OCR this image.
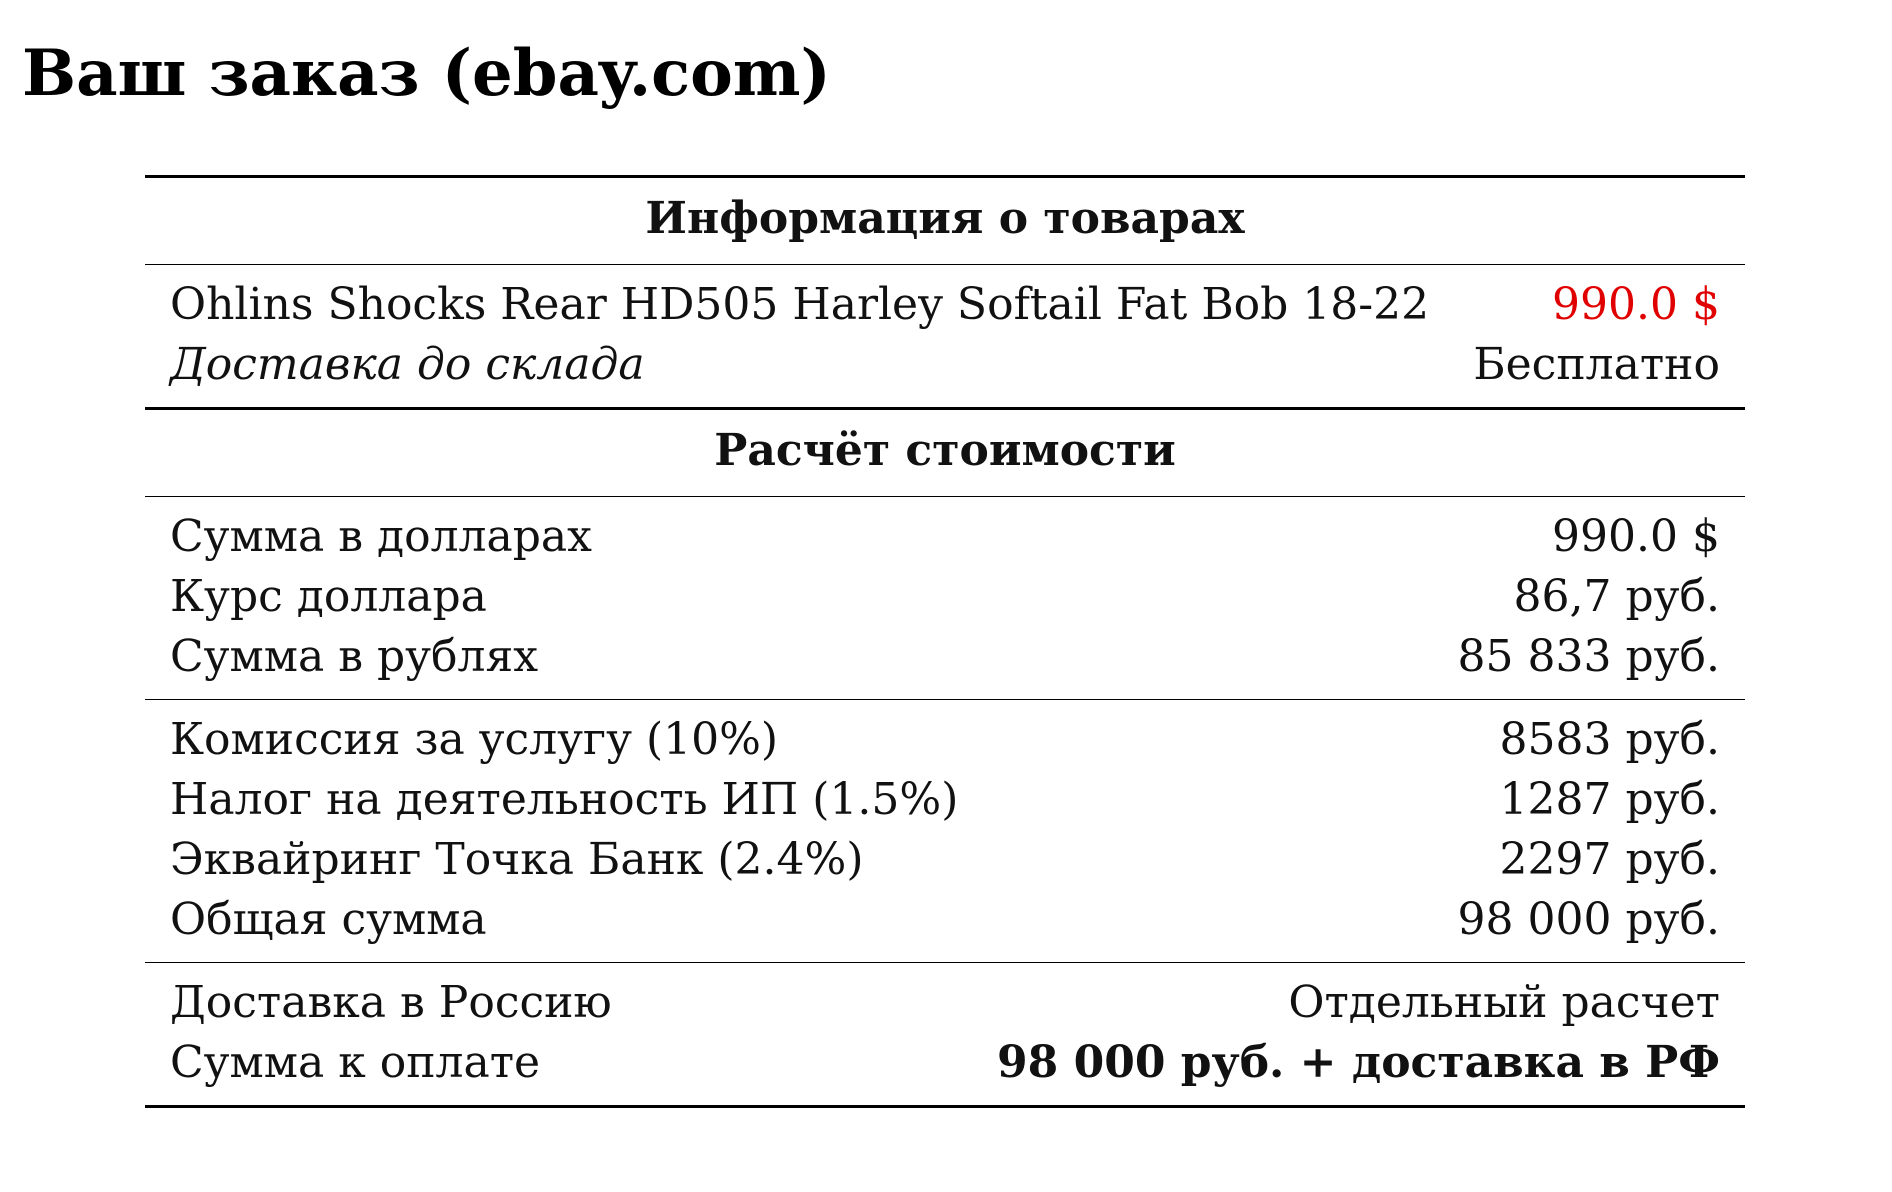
Ваш заказ (ebay.com)
Информация о товарах
Ohlins Shocks Rear HD505 Harley Softail Fat Bob 18-22	990.0 $
Доставка до склада	Бесплатно
Расчёт стоимости
Сумма в долларах	990.0 $
Курс доллара	86,7 руб.
Сумма в рублях	85 833 руб.
Комиссия за услугу (10%)	8583 руб.
Налог на деятельность ИП (1.5%)	1287 руб.
Эквайринг Точка Банк (2.4%)	2297 руб.
Общая сумма	98 000 руб.
Доставка в Россию	Отдельный расчет
Сумма к оплате	98 000 руб. + доставка в РФ
